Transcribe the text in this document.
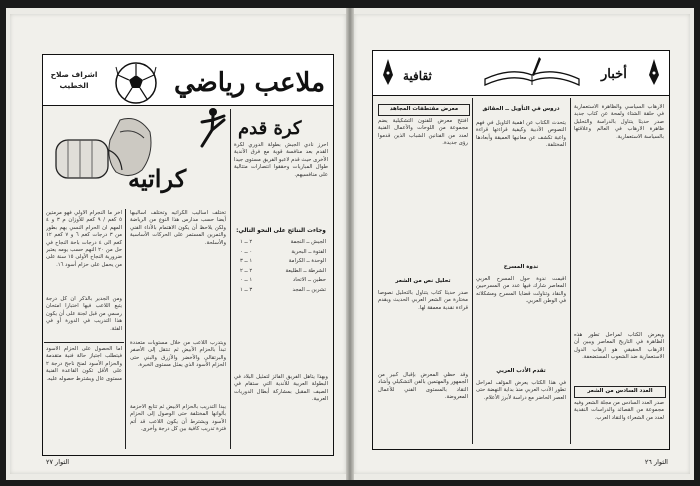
ملاعب رياضي
اشراف صلاح الخطيب
كرة قدم
كراتيه
آخر ما النجرام الأولي فهو مرمتين ٥ كغم / ٩ كغم للأوزان م ٣ و ٤ المهم ان الحرام النسي يهم بطور من ٣ درجات كغم ٦ و ٧ كغم ١٢ كغم الى ٤ درجات باحة النجاح في حل من ٢٠ النهم حسب يومه يعتبر ضرورية النجاح الأولى ١٥ سنة على من يحمل على حزام أسود ١٦.
ومن الجدير بالذكر أن كل درجة يتبع اللاعب فيها اختبارا امتحان رسمي من قبل لجنة على أن يكون هذا التدريب في الدورة أو في الفئة.
أما الحصول على الحزام الأسود فيتطلب اجتياز حالة فنية متقدمة والحزام الأسود لمنح ناجح درجة ٢ على الأقل تكون القاعدة الفنية مستوى عال ويشترط حصوله عليه.
تختلف أساليب الكراتيه وتختلف أساليبها أيضا حسب مدارس هذا النوع من الرياضة ولكن يلاحظ أن يكون الاهتمام بالأداء الفني والتمرين المستمر على الحركات الأساسية والأسلحة.
ويتدرب اللاعب من خلال مستويات متعددة تبدأ بالحزام الأبيض ثم تنتقل إلى الأصفر والبرتقالي والأخضر والأزرق والبني حتى الحزام الأسود الذي يمثل مستوى الخبرة.
يبدأ التدريب بالحزام الأبيض ثم تتابع الأحزمة بألوانها المختلفة حتى الوصول إلى الحزام الأسود ويشترط أن يكون اللاعب قد أتم فترة تدريب كافية بين كل درجة وأخرى.
أحرز نادي الجيش بطولة الدوري لكرة القدم بعد منافسة قوية مع فرق الأندية الأخرى حيث قدم لاعبو الفريق مستوى جيدا طوال المباريات وحققوا انتصارات متتالية على منافسيهم.
وجاءت النتائج على النحو التالي:
الجيش ــ النجمة
٢ ــ ١
الفتوة ــ البحرية
٠ ــ ٠
الوحدة ــ الكرامة
١ ــ ٣
الشرطة ــ الطليعة
٢ ــ ٢
حطين ــ الاتحاد
١ ــ ٠
تشرين ــ المجد
٣ ــ ١
وبهذا يتأهل الفريق الفائز لتمثيل البلاد في البطولة العربية للأندية التي ستقام في الصيف المقبل بمشاركة أبطال الدوريات العربية.
الثوار ٢٧
ثقافية	أخبار
الارهاب السياسي والظاهرة الاستعمارية في حلقة الشتاء ولمحة عن كتاب جديد صدر حديثا يتناول بالدراسة والتحليل ظاهرة الارهاب في العالم وعلاقتها بالسياسة الاستعمارية.
ويعرض الكتاب لمراحل تطور هذه الظاهرة في التاريخ المعاصر ويبين أن الارهاب الحقيقي هو ارهاب الدول الاستعمارية ضد الشعوب المستضعفة.
العدد السادس من الشعر
صدر العدد السادس من مجلة الشعر وفيه مجموعة من القصائد والدراسات النقدية لعدد من الشعراء والنقاد العرب.
دروس في التأويل ــ الحقائق
يتحدث الكتاب عن أهمية التأويل في فهم النصوص الأدبية وكيفية قراءتها قراءة واعية تكشف عن معانيها العميقة وأبعادها المختلفة.
ندوة المسرح
أقيمت ندوة حول المسرح العربي المعاصر شارك فيها عدد من المسرحيين والنقاد وتناولت قضايا المسرح ومشكلاته في الوطن العربي.
تقدم الأدب العربي
في هذا الكتاب يعرض المؤلف لمراحل تطور الأدب العربي منذ بداية النهضة حتى العصر الحاضر مع دراسة لأبرز الأعلام.
معرض مقتطفات المجاهد
افتتح معرض للفنون التشكيلية يضم مجموعة من اللوحات والأعمال الفنية لعدد من الفنانين الشباب الذين قدموا رؤى جديدة.
تحليل نص من الشعر
صدر حديثا كتاب يتناول بالتحليل نصوصا مختارة من الشعر العربي الحديث ويقدم قراءة نقدية معمقة لها.
وقد حظي المعرض بإقبال كبير من الجمهور والمهتمين بالفن التشكيلي وأشاد النقاد بالمستوى الفني للأعمال المعروضة.
الثوار ٢٦
